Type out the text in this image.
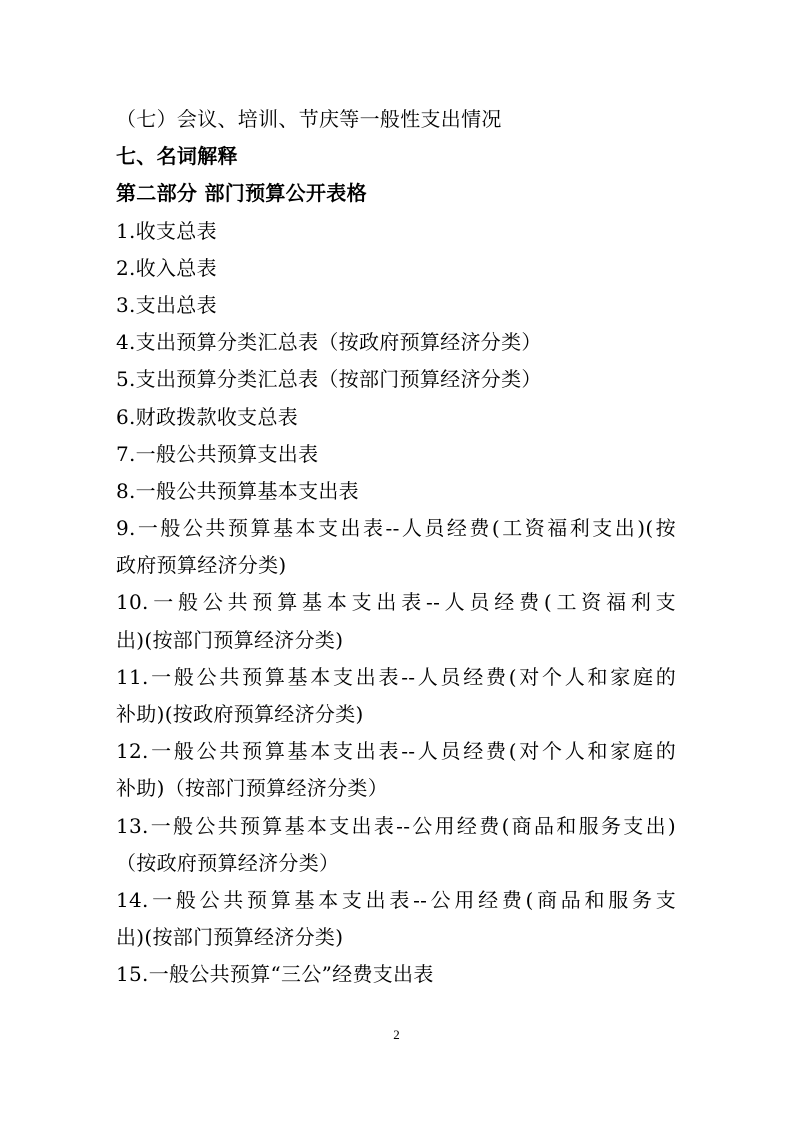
（七）会议、培训、节庆等一般性支出情况
七、名词解释
第二部分 部门预算公开表格
1.收支总表
2.收入总表
3.支出总表
4.支出预算分类汇总表（按政府预算经济分类）
5.支出预算分类汇总表（按部门预算经济分类）
6.财政拨款收支总表
7.一般公共预算支出表
8.一般公共预算基本支出表
9.一般公共预算基本支出表--人员经费(工资福利支出)(按
政府预算经济分类)
10.一般公共预算基本支出表--人员经费(工资福利支
出)(按部门预算经济分类)
11.一般公共预算基本支出表--人员经费(对个人和家庭的
补助)(按政府预算经济分类)
12.一般公共预算基本支出表--人员经费(对个人和家庭的
补助)（按部门预算经济分类）
13.一般公共预算基本支出表--公用经费(商品和服务支出)
（按政府预算经济分类）
14.一般公共预算基本支出表--公用经费(商品和服务支
出)(按部门预算经济分类)
15.一般公共预算“三公”经费支出表
2
